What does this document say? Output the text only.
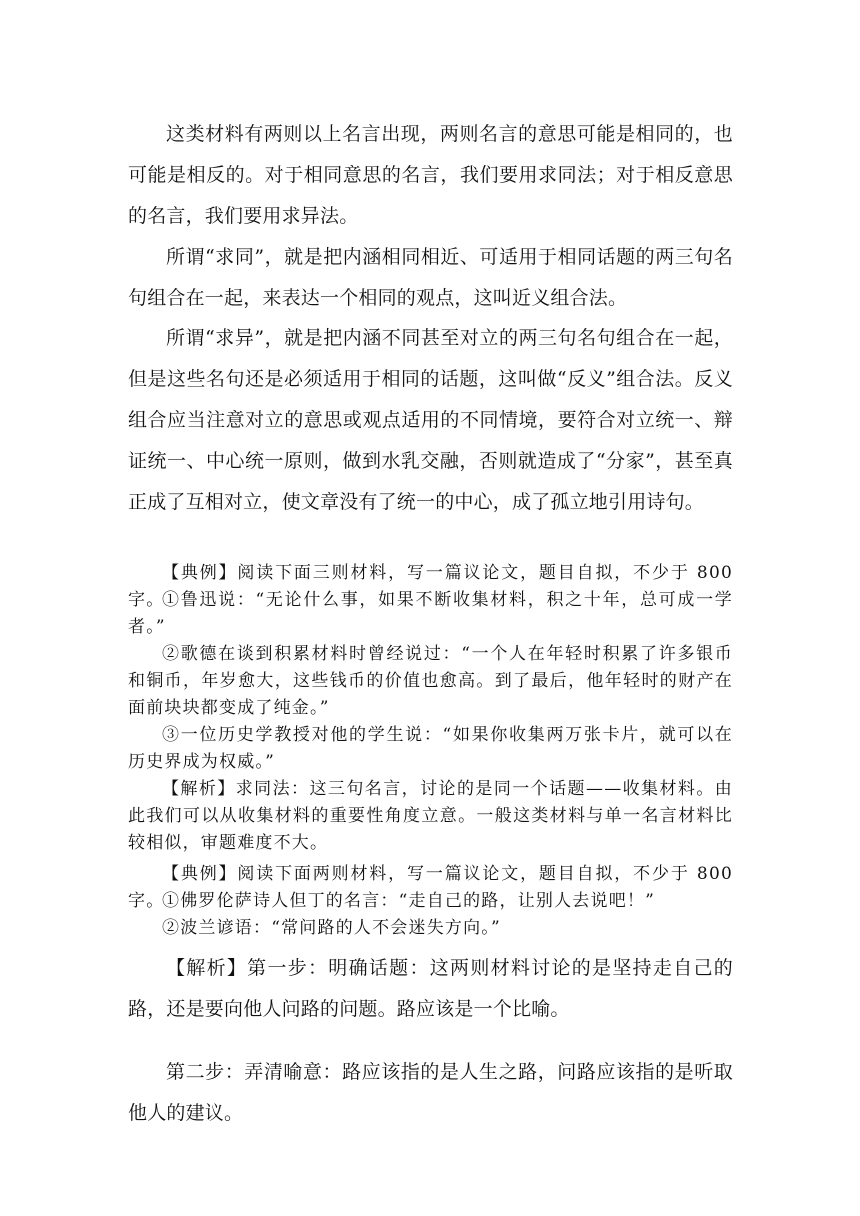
这类材料有两则以上名言出现，两则名言的意思可能是相同的，也可能是相反的。对于相同意思的名言，我们要用求同法；对于相反意思的名言，我们要用求异法。

所谓“求同”，就是把内涵相同相近、可适用于相同话题的两三句名句组合在一起，来表达一个相同的观点，这叫近义组合法。

所谓“求异”，就是把内涵不同甚至对立的两三句名句组合在一起，但是这些名句还是必须适用于相同的话题，这叫做“反义”组合法。反义组合应当注意对立的意思或观点适用的不同情境，要符合对立统一、辩证统一、中心统一原则，做到水乳交融，否则就造成了“分家”，甚至真正成了互相对立，使文章没有了统一的中心，成了孤立地引用诗句。

【典例】阅读下面三则材料，写一篇议论文，题目自拟，不少于 800 字。

①鲁迅说：“无论什么事，如果不断收集材料，积之十年，总可成一学者。”

②歌德在谈到积累材料时曾经说过：“一个人在年轻时积累了许多银币和铜币，年岁愈大，这些钱币的价值也愈高。到了最后，他年轻时的财产在面前块块都变成了纯金。”

③一位历史学教授对他的学生说：“如果你收集两万张卡片，就可以在历史界成为权威。”

【解析】求同法：这三句名言，讨论的是同一个话题——收集材料。由此我们可以从收集材料的重要性角度立意。一般这类材料与单一名言材料比较相似，审题难度不大。

【典例】阅读下面两则材料，写一篇议论文，题目自拟，不少于 800 字。

①佛罗伦萨诗人但丁的名言：“走自己的路，让别人去说吧！”

②波兰谚语：“常问路的人不会迷失方向。”

【解析】第一步：明确话题：这两则材料讨论的是坚持走自己的路，还是要向他人问路的问题。路应该是一个比喻。

第二步：弄清喻意：路应该指的是人生之路，问路应该指的是听取他人的建议。
